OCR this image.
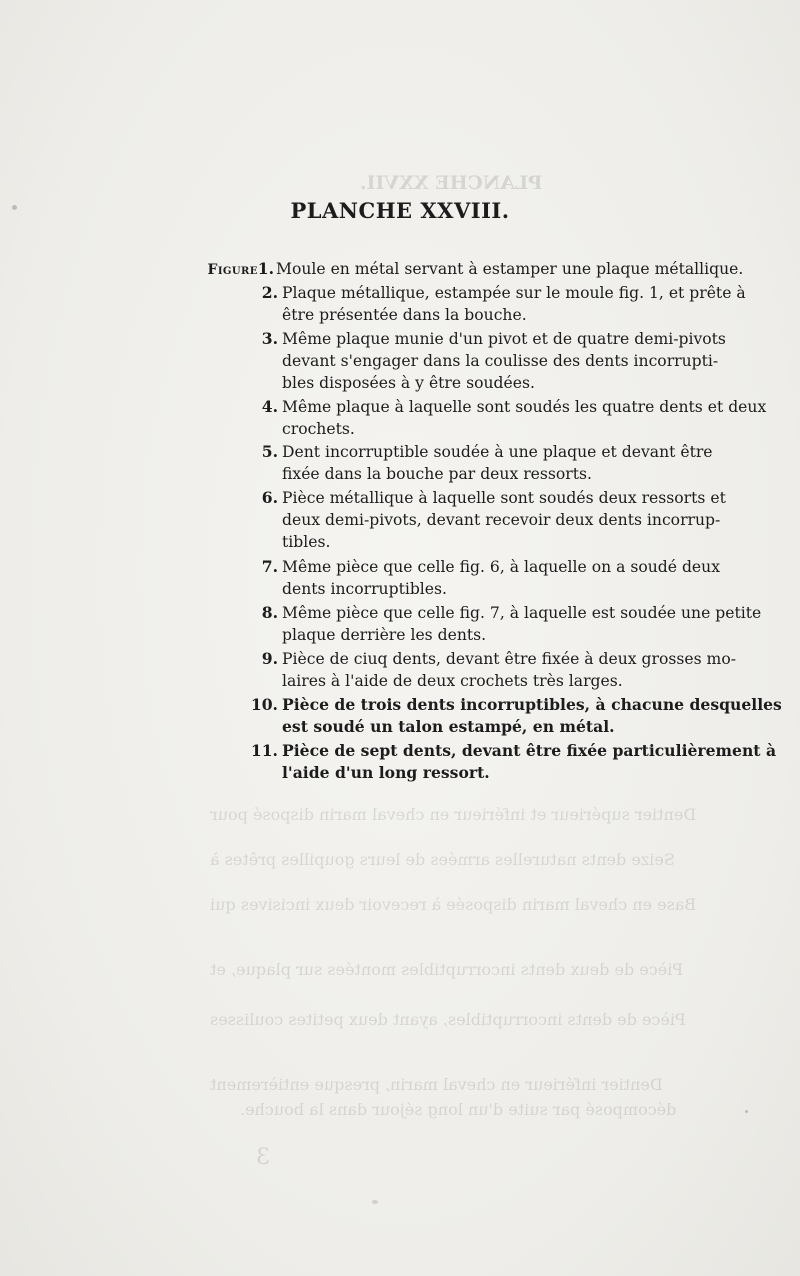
PLANCHE XXVII.
Dentier supérieur et inférieur en cheval marin disposé pour
Seize dents naturelles armées de leurs goupilles prêtes à
Base en cheval marin disposée à recevoir deux incisives qui
Pièce de deux dents incorruptibles montées sur plaque, et
Pièce de dents incorruptibles, ayant deux petites coulisses
Dentier inférieur en cheval marin, presque entièrement
décomposé par suite d'un long séjour dans la bouche.
3
PLANCHE XXVIII.
Figure1. Moule en métal servant à estamper une plaque métallique.
2. Plaque métallique, estampée sur le moule fig. 1, et prête à
être présentée dans la bouche.
3. Même plaque munie d'un pivot et de quatre demi-pivots
devant s'engager dans la coulisse des dents incorrupti-
bles disposées à y être soudées.
4. Même plaque à laquelle sont soudés les quatre dents et deux
crochets.
5. Dent incorruptible soudée à une plaque et devant être
fixée dans la bouche par deux ressorts.
6. Pièce métallique à laquelle sont soudés deux ressorts et
deux demi-pivots, devant recevoir deux dents incorrup-
tibles.
7. Même pièce que celle fig. 6, à laquelle on a soudé deux
dents incorruptibles.
8. Même pièce que celle fig. 7, à laquelle est soudée une petite
plaque derrière les dents.
9. Pièce de ciuq dents, devant être fixée à deux grosses mo-
laires à l'aide de deux crochets très larges.
10. Pièce de trois dents incorruptibles, à chacune desquelles
est soudé un talon estampé, en métal.
11. Pièce de sept dents, devant être fixée particulièrement à
l'aide d'un long ressort.
